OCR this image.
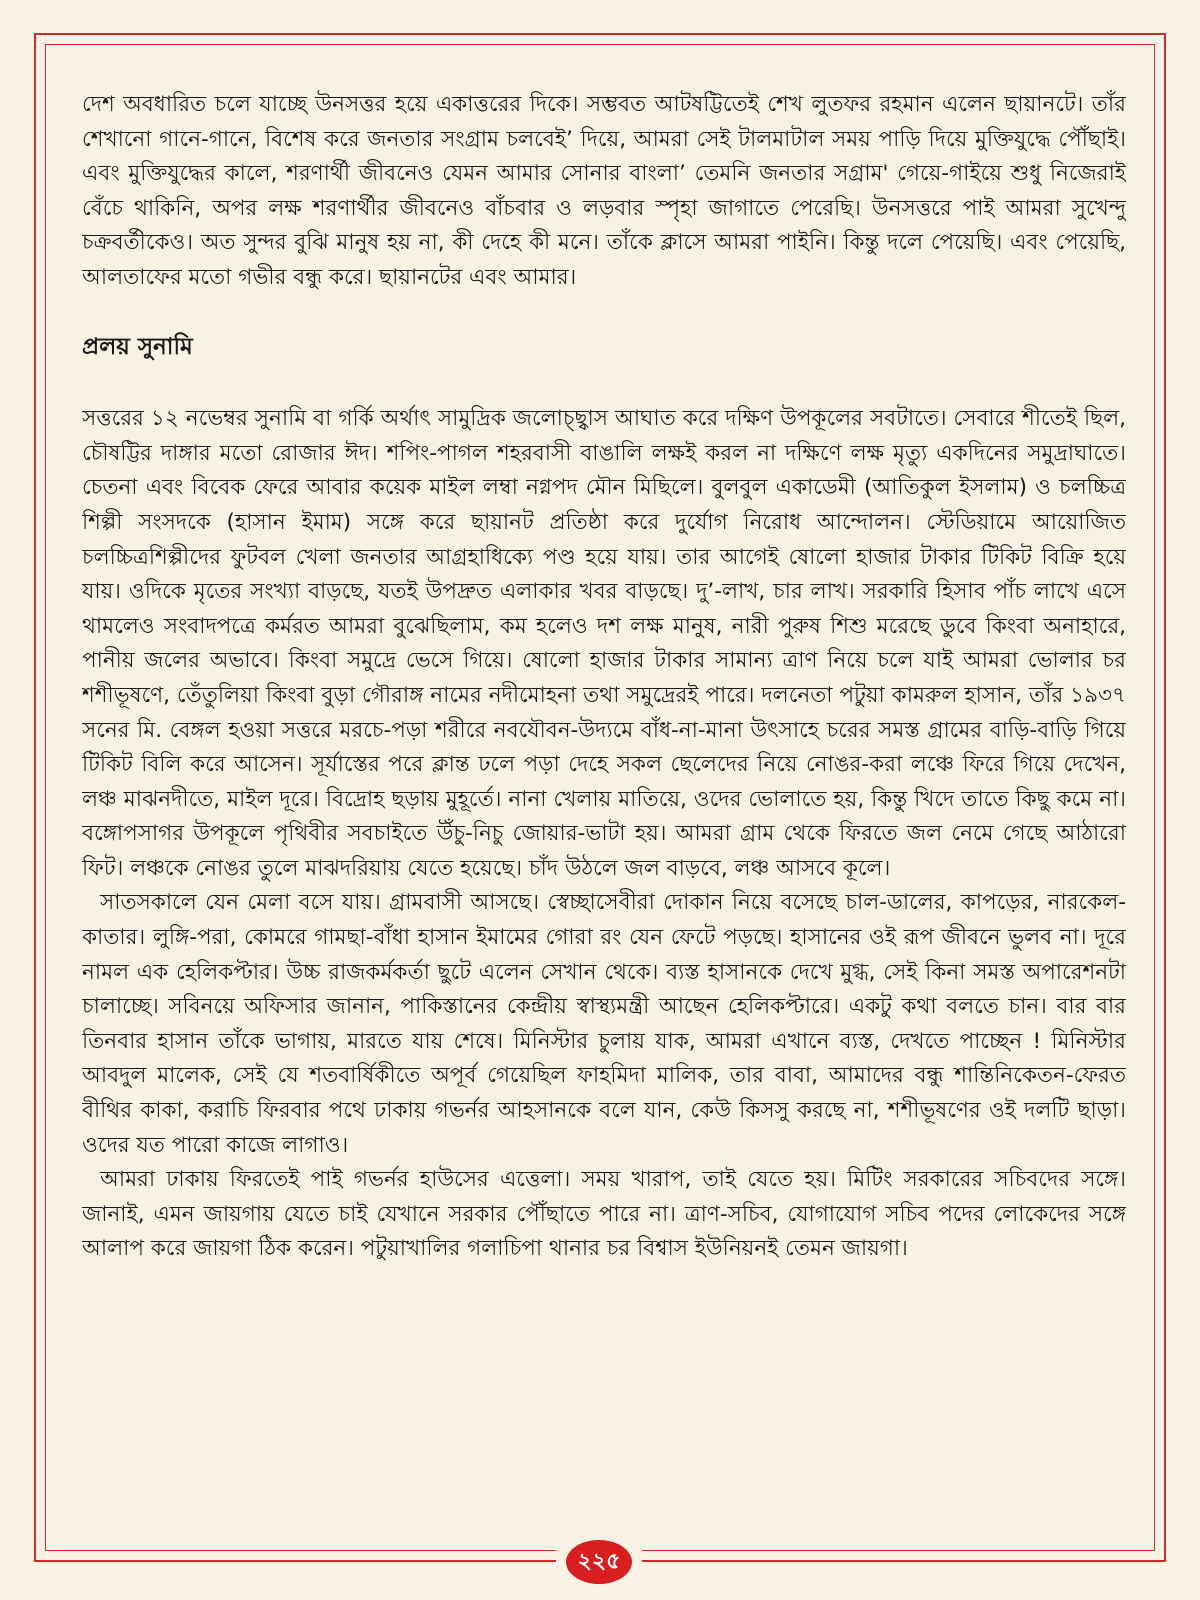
দেশ অবধারিত চলে যাচ্ছে উনসত্তর হয়ে একাত্তরের দিকে। সম্ভবত আটষট্টিতেই শেখ লুতফর রহমান এলেন ছায়ানটে। তাঁর শেখানো গানে-গানে, বিশেষ করে জনতার সংগ্রাম চলবেই’ দিয়ে, আমরা সেই টালমাটাল সময় পাড়ি দিয়ে মুক্তিযুদ্ধে পৌঁছাই। এবং মুক্তিযুদ্ধের কালে, শরণার্থী জীবনেও যেমন আমার সোনার বাংলা’ তেমনি জনতার সগ্রাম' গেয়ে-গাইয়ে শুধু নিজেরাই বেঁচে থাকিনি, অপর লক্ষ শরণার্থীর জীবনেও বাঁচবার ও লড়বার স্পৃহা জাগাতে পেরেছি। উনসত্তরে পাই আমরা সুখেন্দু চক্রবর্তীকেও। অত সুন্দর বুঝি মানুষ হয় না, কী দেহে কী মনে। তাঁকে ক্লাসে আমরা পাইনি। কিন্তু দলে পেয়েছি। এবং পেয়েছি, আলতাফের মতো গভীর বন্ধু করে। ছায়ানটের এবং আমার।

প্রলয় সুনামি

সত্তরের ১২ নভেম্বর সুনামি বা গর্কি অর্থাৎ সামুদ্রিক জলোচ্ছ্বাস আঘাত করে দক্ষিণ উপকূলের সবটাতে। সেবারে শীতেই ছিল, চৌষট্টির দাঙ্গার মতো রোজার ঈদ। শপিং-পাগল শহরবাসী বাঙালি লক্ষই করল না দক্ষিণে লক্ষ মৃত্যু একদিনের সমুদ্রাঘাতে। চেতনা এবং বিবেক ফেরে আবার কয়েক মাইল লম্বা নগ্নপদ মৌন মিছিলে। বুলবুল একাডেমী (আতিকুল ইসলাম) ও চলচ্চিত্র শিল্পী সংসদকে (হাসান ইমাম) সঙ্গে করে ছায়ানট প্রতিষ্ঠা করে দুর্যোগ নিরোধ আন্দোলন। স্টেডিয়ামে আয়োজিত চলচ্চিত্রশিল্পীদের ফুটবল খেলা জনতার আগ্রহাধিক্যে পণ্ড হয়ে যায়। তার আগেই ষোলো হাজার টাকার টিকিট বিক্রি হয়ে যায়। ওদিকে মৃতের সংখ্যা বাড়ছে, যতই উপদ্রুত এলাকার খবর বাড়ছে। দু’-লাখ, চার লাখ। সরকারি হিসাব পাঁচ লাখে এসে থামলেও সংবাদপত্রে কর্মরত আমরা বুঝেছিলাম, কম হলেও দশ লক্ষ মানুষ, নারী পুরুষ শিশু মরেছে ডুবে কিংবা অনাহারে, পানীয় জলের অভাবে। কিংবা সমুদ্রে ভেসে গিয়ে। ষোলো হাজার টাকার সামান্য ত্রাণ নিয়ে চলে যাই আমরা ভোলার চর শশীভূষণে, তেঁতুলিয়া কিংবা বুড়া গৌরাঙ্গ নামের নদীমোহনা তথা সমুদ্রেরই পারে। দলনেতা পটুয়া কামরুল হাসান, তাঁর ১৯৩৭ সনের মি. বেঙ্গল হওয়া সত্তরে মরচে-পড়া শরীরে নবযৌবন-উদ্যমে বাঁধ-না-মানা উৎসাহে চরের সমস্ত গ্রামের বাড়ি-বাড়ি গিয়ে টিকিট বিলি করে আসেন। সূর্যাস্তের পরে ক্লান্ত ঢলে পড়া দেহে সকল ছেলেদের নিয়ে নোঙর-করা লঞ্চে ফিরে গিয়ে দেখেন, লঞ্চ মাঝনদীতে, মাইল দূরে। বিদ্রোহ ছড়ায় মুহূর্তে। নানা খেলায় মাতিয়ে, ওদের ভোলাতে হয়, কিন্তু খিদে তাতে কিছু কমে না। বঙ্গোপসাগর উপকূলে পৃথিবীর সবচাইতে উঁচু-নিচু জোয়ার-ভাটা হয়। আমরা গ্রাম থেকে ফিরতে জল নেমে গেছে আঠারো ফিট। লঞ্চকে নোঙর তুলে মাঝদরিয়ায় যেতে হয়েছে। চাঁদ উঠলে জল বাড়বে, লঞ্চ আসবে কূলে।

সাতসকালে যেন মেলা বসে যায়। গ্রামবাসী আসছে। স্বেচ্ছাসেবীরা দোকান নিয়ে বসেছে চাল-ডালের, কাপড়ের, নারকেল-কাতার। লুঙ্গি-পরা, কোমরে গামছা-বাঁধা হাসান ইমামের গোরা রং যেন ফেটে পড়ছে। হাসানের ওই রূপ জীবনে ভুলব না। দূরে নামল এক হেলিকপ্টার। উচ্চ রাজকর্মকর্তা ছুটে এলেন সেখান থেকে। ব্যস্ত হাসানকে দেখে মুগ্ধ, সেই কিনা সমস্ত অপারেশনটা চালাচ্ছে। সবিনয়ে অফিসার জানান, পাকিস্তানের কেন্দ্রীয় স্বাস্থ্যমন্ত্রী আছেন হেলিকপ্টারে। একটু কথা বলতে চান। বার বার তিনবার হাসান তাঁকে ভাগায়, মারতে যায় শেষে। মিনিস্টার চুলায় যাক, আমরা এখানে ব্যস্ত, দেখতে পাচ্ছেন ! মিনিস্টার আবদুল মালেক, সেই যে শতবার্ষিকীতে অপূর্ব গেয়েছিল ফাহমিদা মালিক, তার বাবা, আমাদের বন্ধু শান্তিনিকেতন-ফেরত বীথির কাকা, করাচি ফিরবার পথে ঢাকায় গভর্নর আহসানকে বলে যান, কেউ কিসসু করছে না, শশীভূষণের ওই দলটি ছাড়া। ওদের যত পারো কাজে লাগাও।

আমরা ঢাকায় ফিরতেই পাই গভর্নর হাউসের এত্তেলা। সময় খারাপ, তাই যেতে হয়। মিটিং সরকারের সচিবদের সঙ্গে। জানাই, এমন জায়গায় যেতে চাই যেখানে সরকার পৌঁছাতে পারে না। ত্রাণ-সচিব, যোগাযোগ সচিব পদের লোকেদের সঙ্গে আলাপ করে জায়গা ঠিক করেন। পটুয়াখালির গলাচিপা থানার চর বিশ্বাস ইউনিয়নই তেমন জায়গা।

২২৫
